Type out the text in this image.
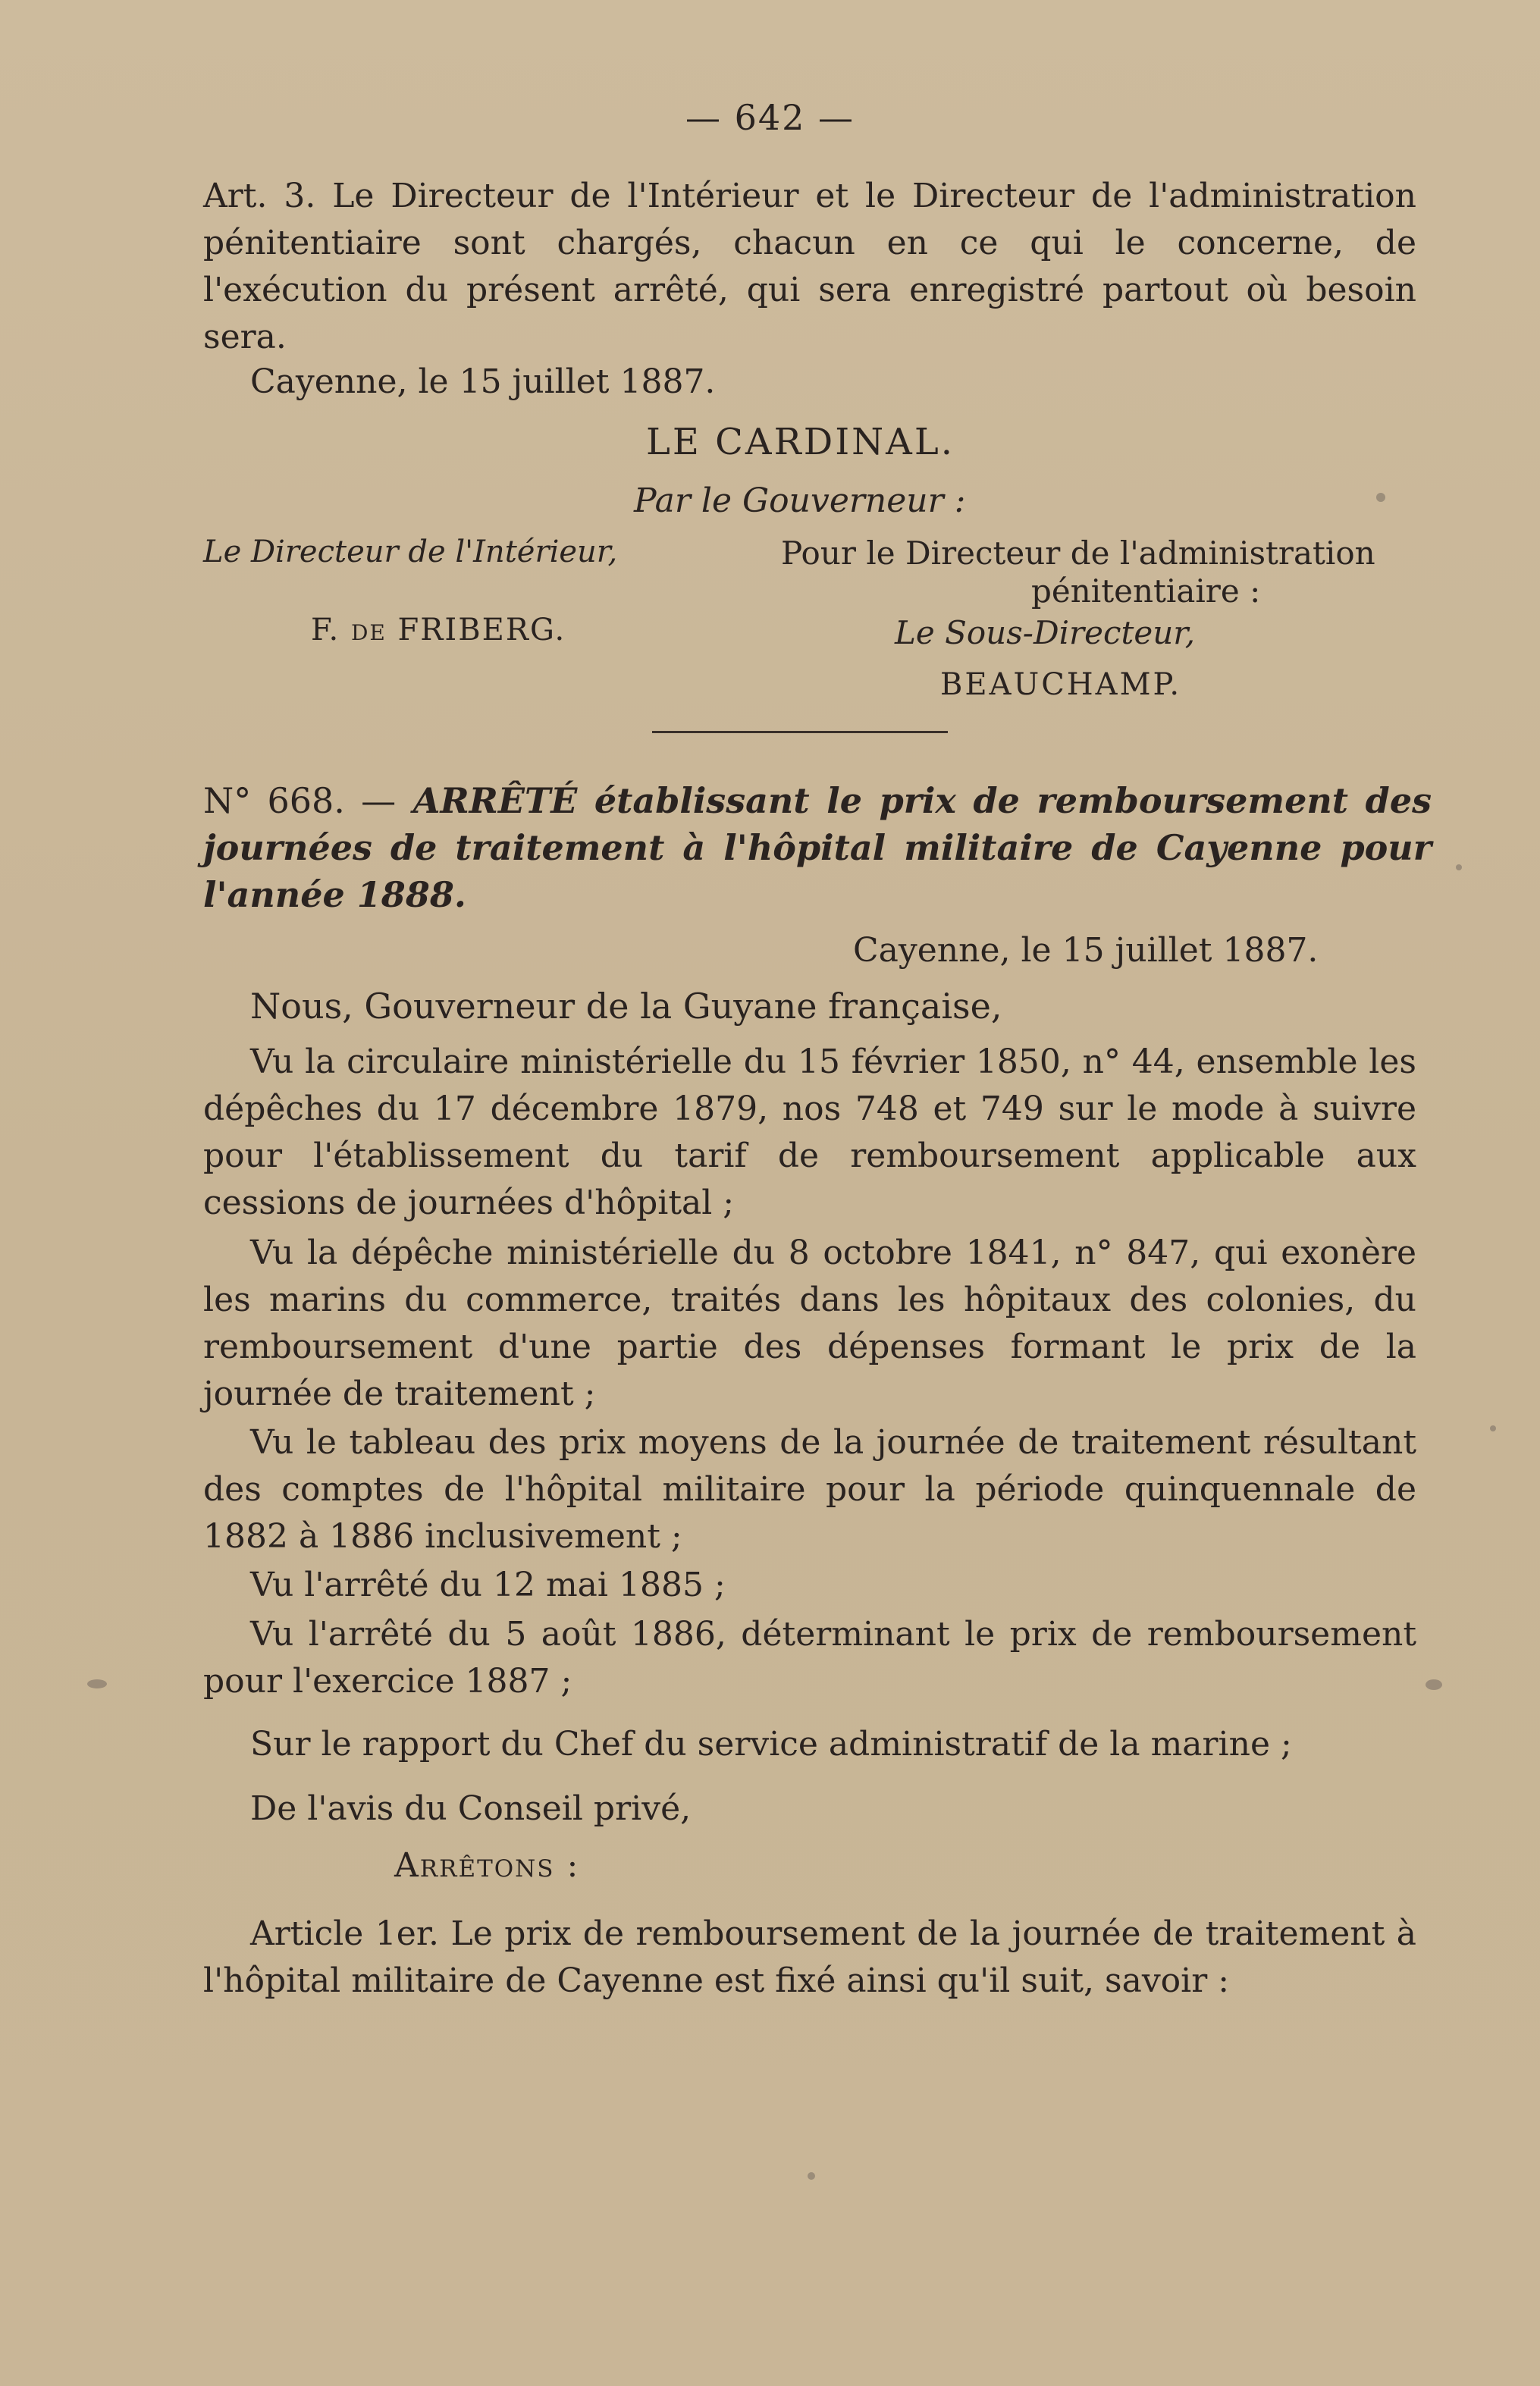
— 642 —
Art. 3. Le Directeur de l'Intérieur et le Directeur de l'administration pénitentiaire sont chargés, chacun en ce qui le concerne, de l'exécution du présent arrêté, qui sera enregistré partout où besoin sera.
Cayenne, le 15 juillet 1887.
LE CARDINAL.
Par le Gouverneur :
Le Directeur de l'Intérieur,
F. de FRIBERG.
Pour le Directeur de l'administration
pénitentiaire :
Le Sous-Directeur,
BEAUCHAMP.
N° 668. — ARRÊTÉ établissant le prix de remboursement des journées de traitement à l'hôpital militaire de Cayenne pour l'année 1888.
Cayenne, le 15 juillet 1887.
Nous, Gouverneur de la Guyane française,
Vu la circulaire ministérielle du 15 février 1850, n° 44, ensemble les dépêches du 17 décembre 1879, nos 748 et 749 sur le mode à suivre pour l'établissement du tarif de remboursement applicable aux cessions de journées d'hôpital ;
Vu la dépêche ministérielle du 8 octobre 1841, n° 847, qui exonère les marins du commerce, traités dans les hôpitaux des colonies, du remboursement d'une partie des dépenses formant le prix de la journée de traitement ;
Vu le tableau des prix moyens de la journée de traitement résultant des comptes de l'hôpital militaire pour la période quinquennale de 1882 à 1886 inclusivement ;
Vu l'arrêté du 12 mai 1885 ;
Vu l'arrêté du 5 août 1886, déterminant le prix de remboursement pour l'exercice 1887 ;
Sur le rapport du Chef du service administratif de la marine ;
De l'avis du Conseil privé,
Arrêtons :
Article 1er. Le prix de remboursement de la journée de traitement à l'hôpital militaire de Cayenne est fixé ainsi qu'il suit, savoir :
